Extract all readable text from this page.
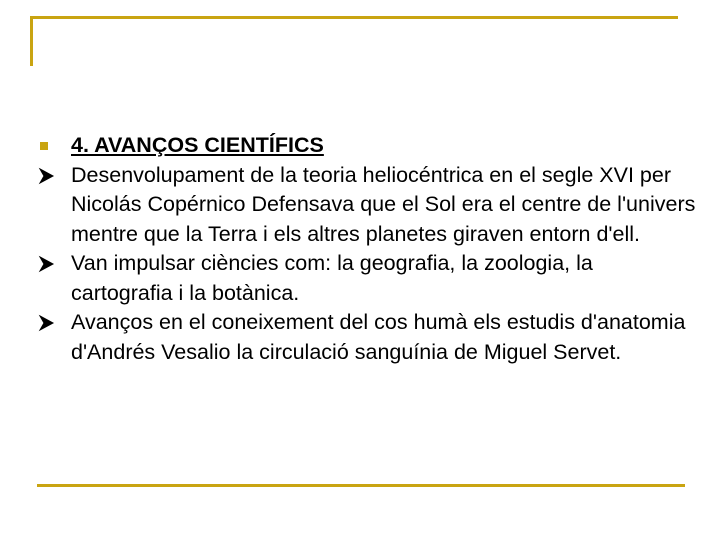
4. AVANÇOS CIENTÍFICS

Desenvolupament de la teoria heliocéntrica en el segle XVI per Nicolás Copérnico Defensava que el Sol era el centre de l'univers mentre que la Terra i els altres planetes giraven entorn d'ell.

Van impulsar ciències com: la geografia, la zoologia, la cartografia i la botànica.

Avanços en el coneixement del cos humà els estudis d'anatomia d'Andrés Vesalio la circulació sanguínia de Miguel Servet.
